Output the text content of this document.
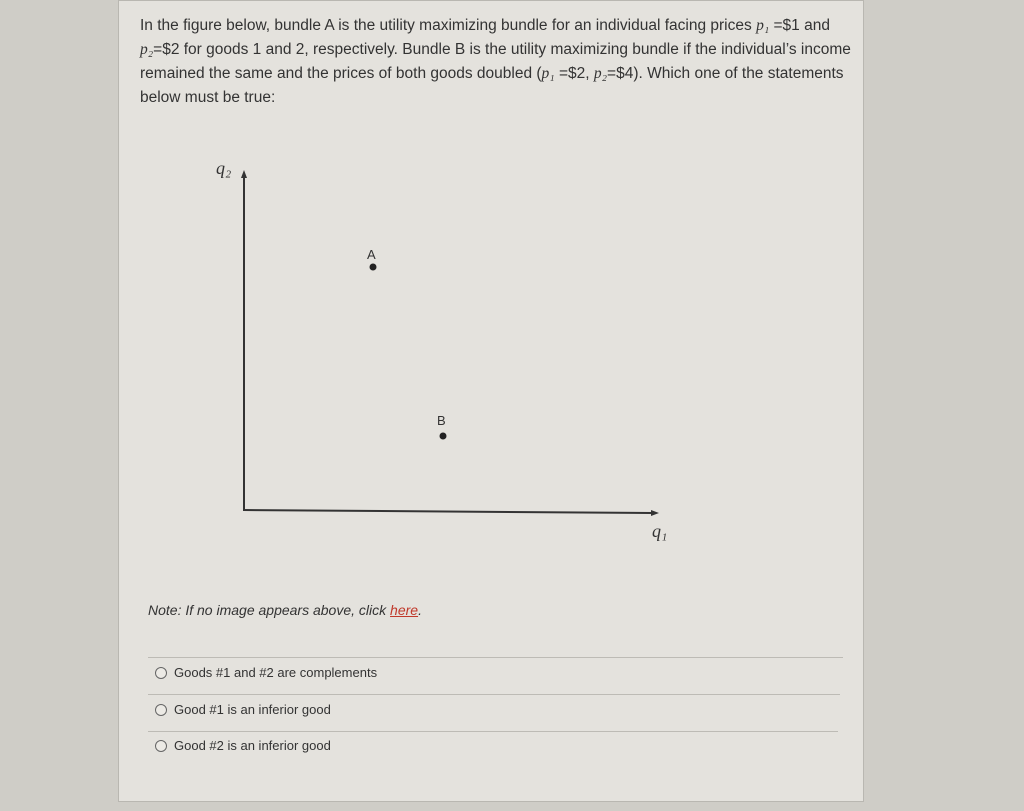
In the figure below, bundle A is the utility maximizing bundle for an individual facing prices p₁ =$1 and p₂=$2 for goods 1 and 2, respectively. Bundle B is the utility maximizing bundle if the individual’s income remained the same and the prices of both goods doubled (p₁ =$2, p₂=$4). Which one of the statements below must be true:
q₂
q₁
A
B
Note: If no image appears above, click here.
Goods #1 and #2 are complements
Good #1 is an inferior good
Good #2 is an inferior good
